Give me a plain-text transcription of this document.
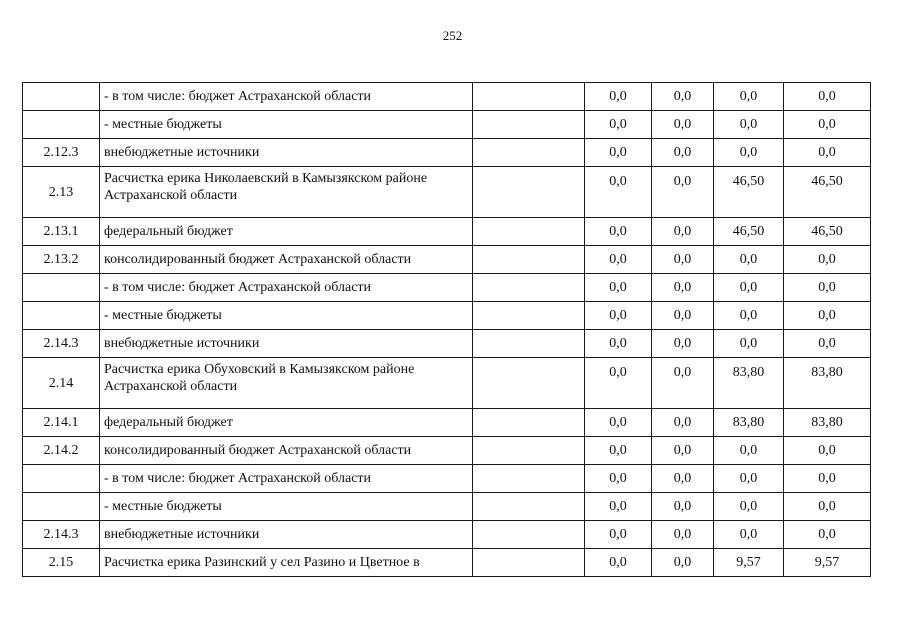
252
	- в том числе: бюджет Астраханской области		0,0	0,0	0,0	0,0
	- местные бюджеты		0,0	0,0	0,0	0,0
2.12.3	внебюджетные источники		0,0	0,0	0,0	0,0
2.13	Расчистка ерика Николаевский в Камызякском районе Астраханской области		0,0	0,0	46,50	46,50
2.13.1	федеральный бюджет		0,0	0,0	46,50	46,50
2.13.2	консолидированный бюджет Астраханской области		0,0	0,0	0,0	0,0
	- в том числе: бюджет Астраханской области		0,0	0,0	0,0	0,0
	- местные бюджеты		0,0	0,0	0,0	0,0
2.14.3	внебюджетные источники		0,0	0,0	0,0	0,0
2.14	Расчистка ерика Обуховский в Камызякском районе Астраханской области		0,0	0,0	83,80	83,80
2.14.1	федеральный бюджет		0,0	0,0	83,80	83,80
2.14.2	консолидированный бюджет Астраханской области		0,0	0,0	0,0	0,0
	- в том числе: бюджет Астраханской области		0,0	0,0	0,0	0,0
	- местные бюджеты		0,0	0,0	0,0	0,0
2.14.3	внебюджетные источники		0,0	0,0	0,0	0,0
2.15	Расчистка ерика Разинский у сел Разино и Цветное в		0,0	0,0	9,57	9,57
